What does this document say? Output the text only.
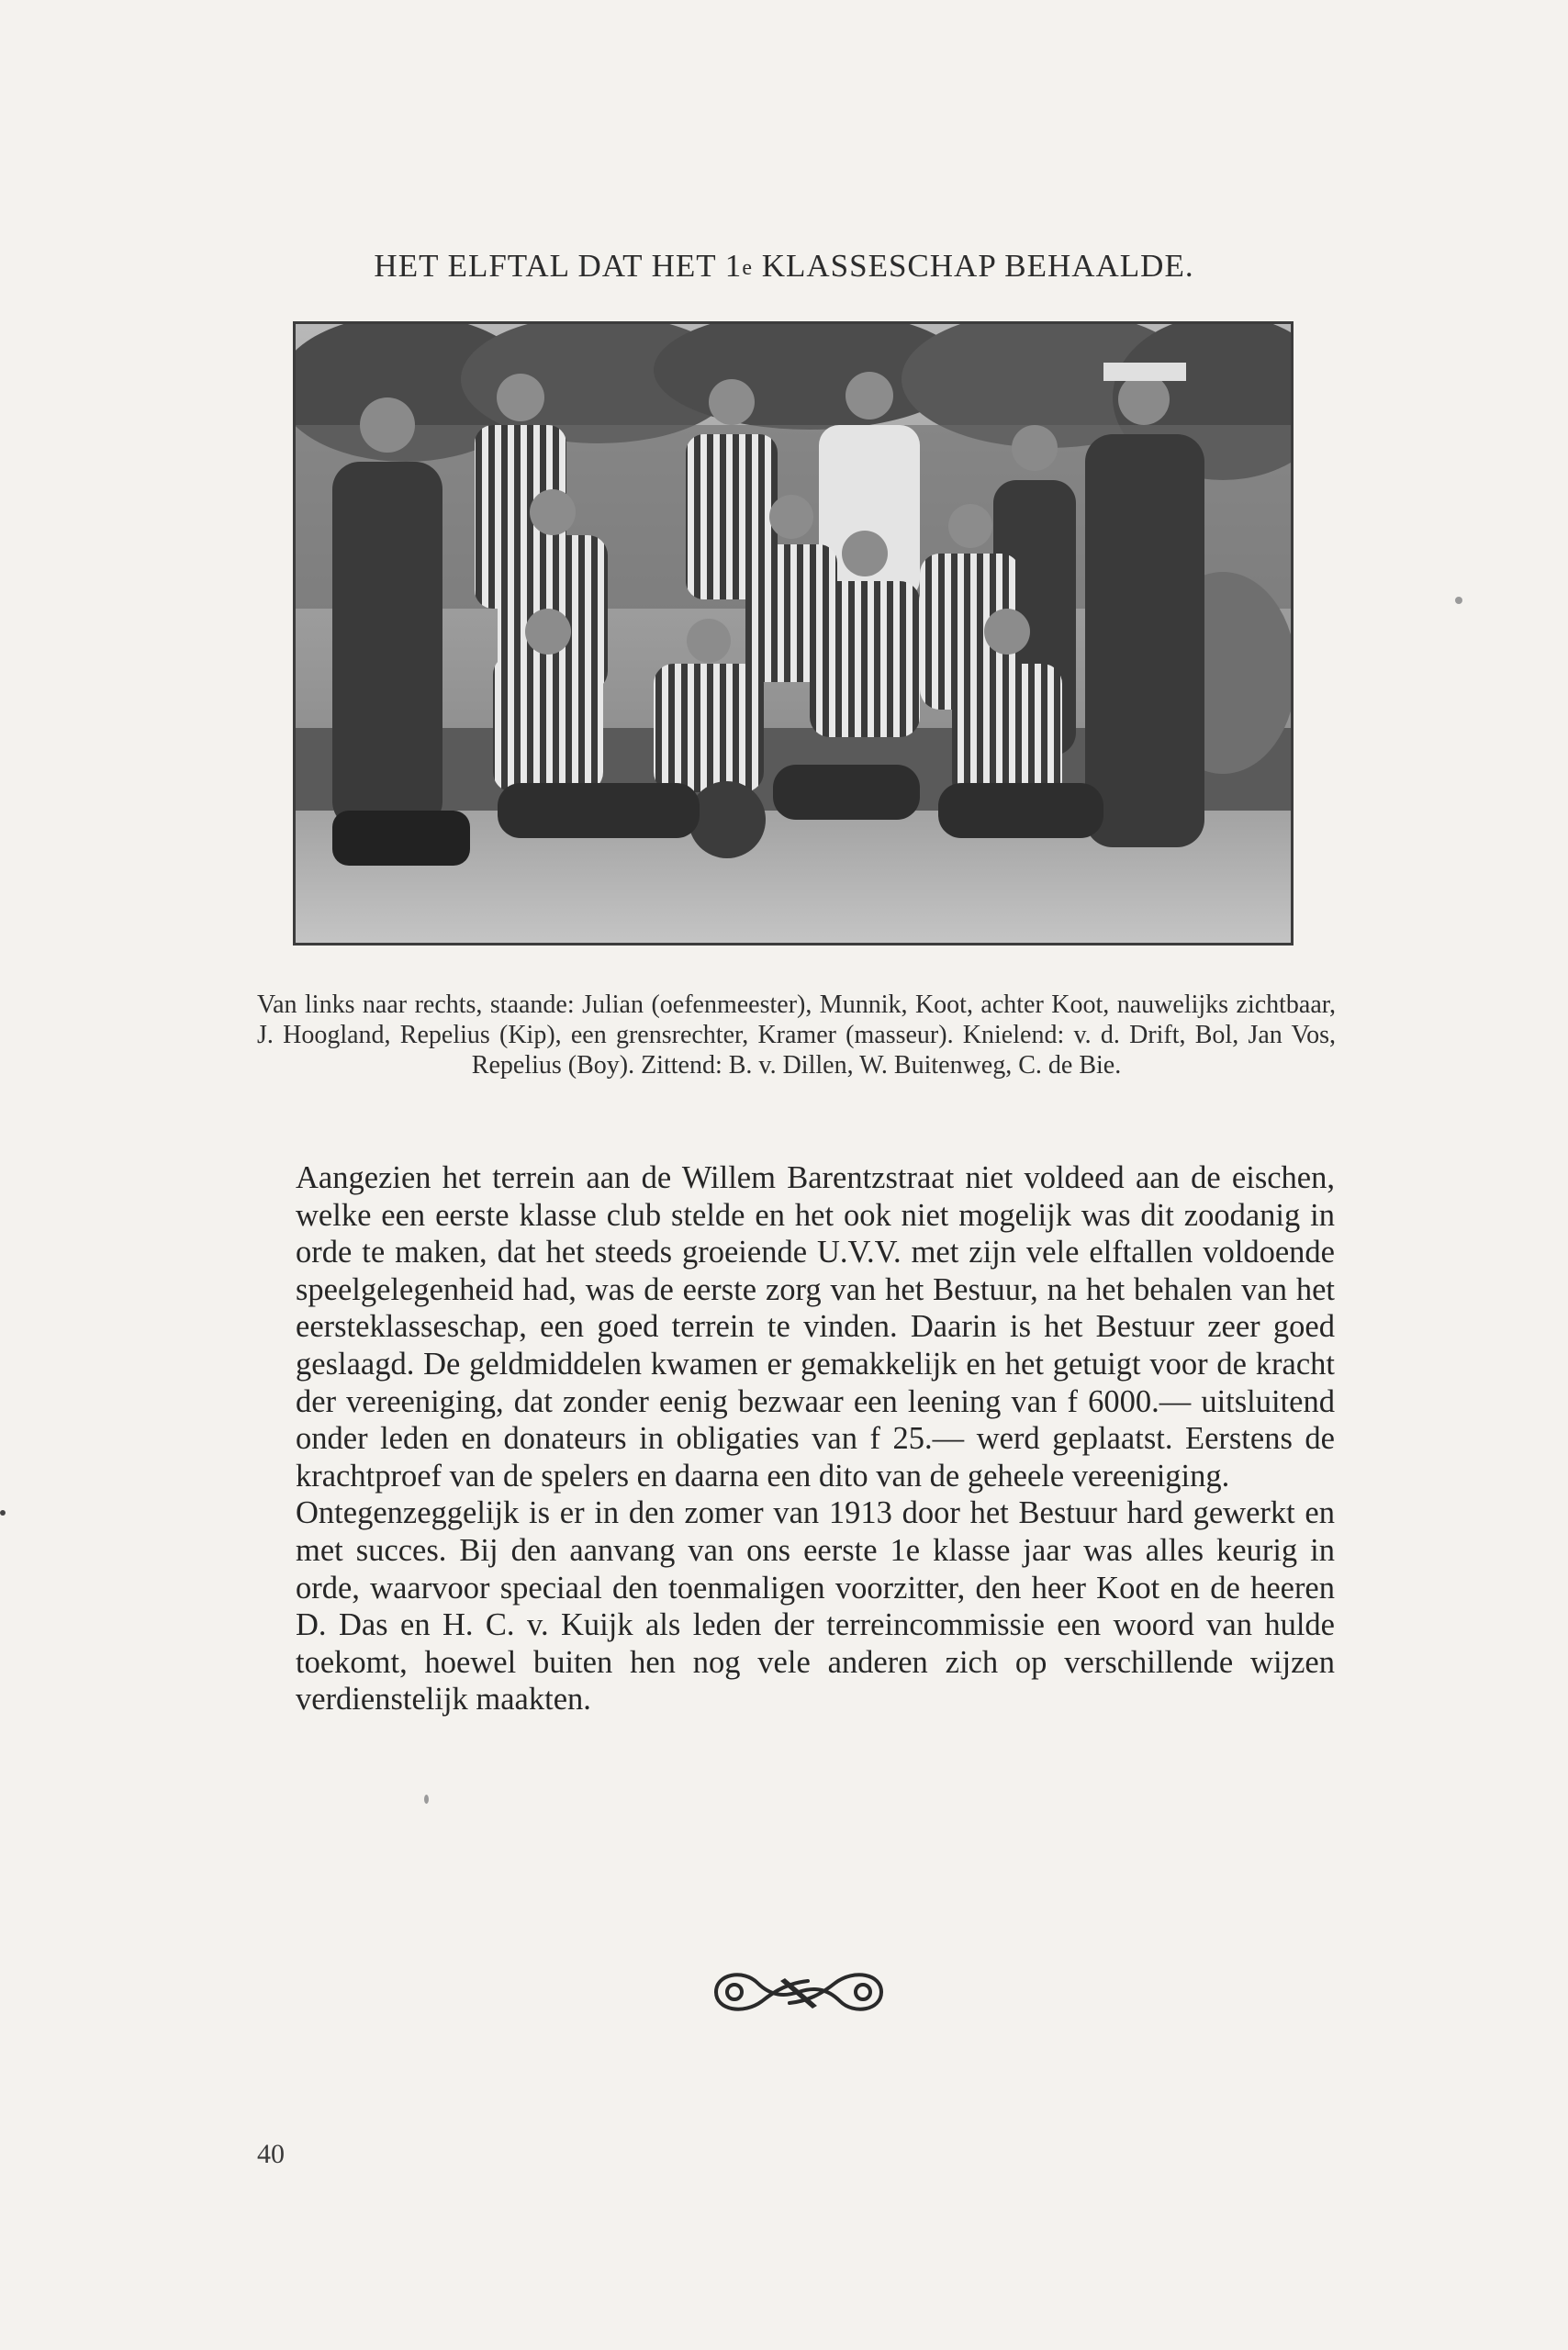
HET ELFTAL DAT HET 1e KLASSESCHAP BEHAALDE.
Van links naar rechts, staande: Julian (oefenmeester), Munnik, Koot, achter Koot, nauwelijks zichtbaar, J. Hoogland, Repelius (Kip), een grensrechter, Kramer (masseur). Knielend: v. d. Drift, Bol, Jan Vos, Repelius (Boy). Zittend: B. v. Dillen, W. Buitenweg, C. de Bie.

Aangezien het terrein aan de Willem Barentzstraat niet voldeed aan de eischen, welke een eerste klasse club stelde en het ook niet mogelijk was dit zoodanig in orde te maken, dat het steeds groeiende U.V.V. met zijn vele elftallen voldoende speelgelegenheid had, was de eerste zorg van het Bestuur, na het behalen van het eersteklasseschap, een goed terrein te vinden. Daarin is het Bestuur zeer goed geslaagd. De geldmiddelen kwamen er gemakkelijk en het getuigt voor de kracht der vereeniging, dat zonder eenig bezwaar een leening van f 6000.— uitsluitend onder leden en donateurs in obligaties van f 25.— werd geplaatst. Eerstens de krachtproef van de spelers en daarna een dito van de geheele vereeniging.

Ontegenzeggelijk is er in den zomer van 1913 door het Bestuur hard gewerkt en met succes. Bij den aanvang van ons eerste 1e klasse jaar was alles keurig in orde, waarvoor speciaal den toenmaligen voorzitter, den heer Koot en de heeren D. Das en H. C. v. Kuijk als leden der terreincommissie een woord van hulde toekomt, hoewel buiten hen nog vele anderen zich op verschillende wijzen verdienstelijk maakten.

40
